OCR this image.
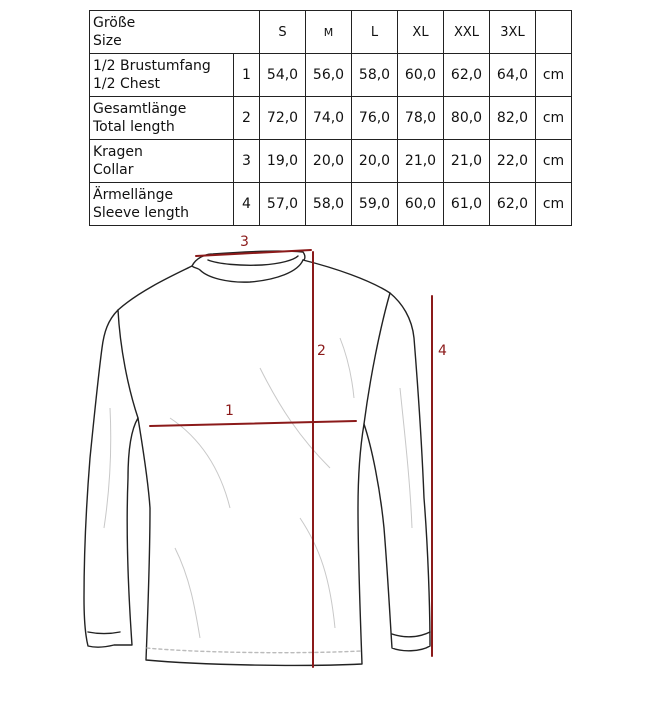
Größe
Size		S	M	L	XL	XXL	3XL	

1/2 Brustumfang
1/2 Chest	1	54,0	56,0	58,0	60,0	62,0	64,0	cm

Gesamtlänge
Total length	2	72,0	74,0	76,0	78,0	80,0	82,0	cm

Kragen
Collar	3	19,0	20,0	20,0	21,0	21,0	22,0	cm

Ärmellänge
Sleeve length	4	57,0	58,0	59,0	60,0	61,0	62,0	cm
3
2
1
4
